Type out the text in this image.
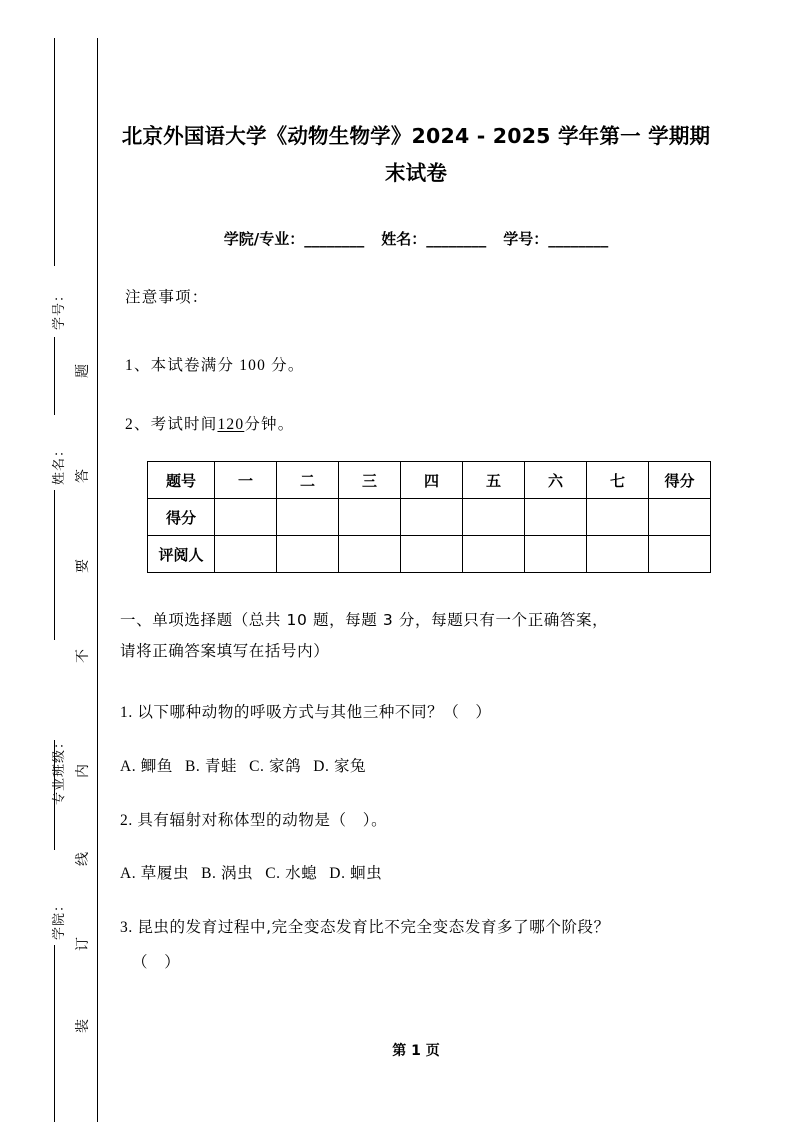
学号：
姓名：
专业班级：
学院：
题
答
要
不
内
线
订
装
北京外国语大学《动物生物学》2024 - 2025 学年第一 学期期末试卷
学院/专业：________ 姓名：________ 学号：________
注意事项：
1、本试卷满分 100 分。
2、考试时间120分钟。
题号	一	二	三	四	五	六	七	得分
得分								
评阅人								
一、单项选择题（总共 10 题，每题 3 分，每题只有一个正确答案，
请将正确答案填写在括号内）
1. 以下哪种动物的呼吸方式与其他三种不同？（　）
A. 鲫鱼 B. 青蛙 C. 家鸽 D. 家兔
2. 具有辐射对称体型的动物是（　）。
A. 草履虫 B. 涡虫 C. 水螅 D. 蛔虫
3. 昆虫的发育过程中,完全变态发育比不完全变态发育多了哪个阶段？
（　）
第 1 页
